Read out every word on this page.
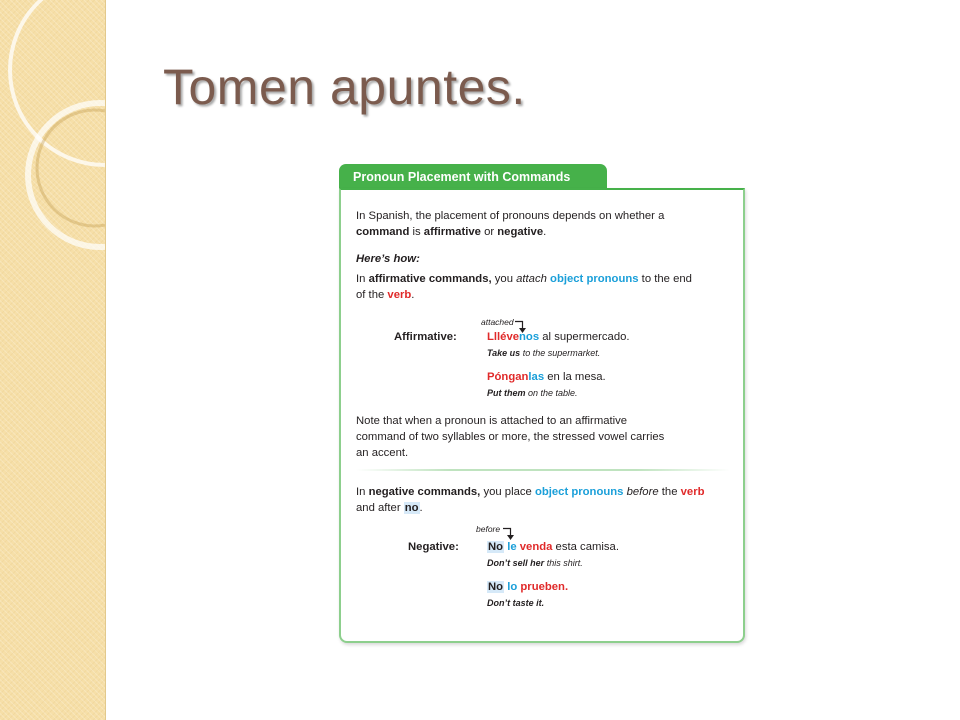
Tomen apuntes.
Pronoun Placement with Commands

In Spanish, the placement of pronouns depends on whether a
command is affirmative or negative.

Here’s how:

In affirmative commands, you attach object pronouns to the end
of the verb.

attached
Affirmative:	Lllévenos al supermercado.
Take us to the supermarket.
Pónganlas en la mesa.
Put them on the table.

Note that when a pronoun is attached to an affirmative
command of two syllables or more, the stressed vowel carries
an accent.

In negative commands, you place object pronouns before the verb
and after no.

before
Negative:	No le venda esta camisa.
Don’t sell her this shirt.
No lo prueben.
Don’t taste it.
